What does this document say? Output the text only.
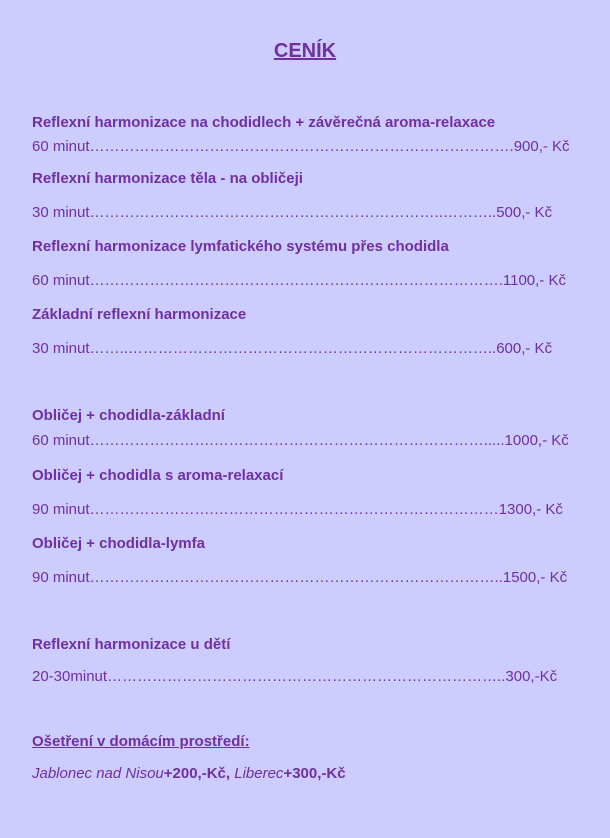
CENÍK
Reflexní harmonizace na chodidlech + závěrečná aroma-relaxace
60 minut………………………………………………………………………….900,- Kč
Reflexní harmonizace těla - na obličeji
30 minut……………………………………………………………..………..500,- Kč
Reflexní harmonizace lymfatického systému přes chodidla
60 minut…………………………………………………….………………….1100,- Kč
Základní reflexní harmonizace
30 minut……..………………………………………………………………..600,- Kč
Obličej + chodidla-základní
60 minut…………………….……………………………………………….....1000,- Kč
Obličej + chodidla s aroma-relaxací
90 minut…………………….…………………………………………………1300,- Kč
Obličej + chodidla-lymfa
90 minut………………………………………………………………………..1500,- Kč
Reflexní harmonizace u dětí
20-30minut……………………………………………………………………..300,-Kč
Ošetření v domácím prostředí:
Jablonec nad Nisou+200,-Kč, Liberec+300,-Kč
